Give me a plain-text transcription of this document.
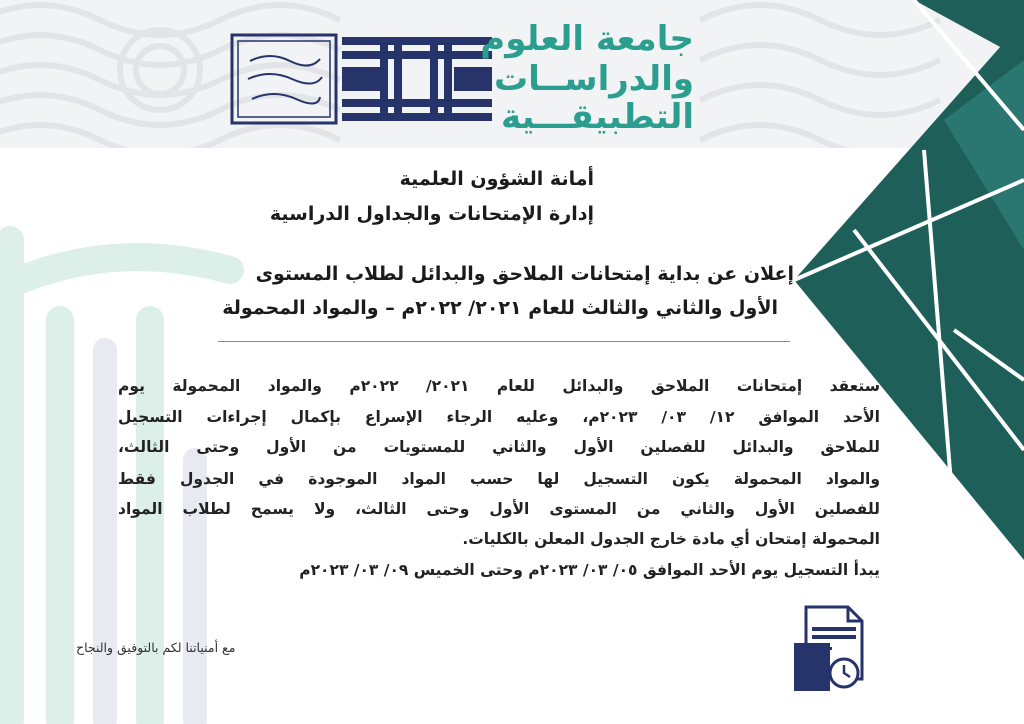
جامعة العلوم
والدراســات
التطبيقـــية
أمانة الشؤون العلمية
إدارة الإمتحانات والجداول الدراسية
إعلان عن بداية إمتحانات الملاحق والبدائل لطلاب المستوى
الأول والثاني والثالث للعام ٢٠٢١/ ٢٠٢٢م – والمواد المحمولة
ستعقد إمتحانات الملاحق والبدائل للعام ٢٠٢١/ ٢٠٢٢م والمواد المحمولة يوم
الأحد الموافق ١٢/ ٠٣/ ٢٠٢٣م، وعليه الرجاء الإسراع بإكمال إجراءات التسجيل
للملاحق والبدائل للفصلين الأول والثاني للمستويات من الأول وحتى الثالث،
والمواد المحمولة يكون التسجيل لها حسب المواد الموجودة في الجدول فقط
للفصلين الأول والثاني من المستوى الأول وحتى الثالث، ولا يسمح لطلاب المواد
المحمولة إمتحان أي مادة خارج الجدول المعلن بالكليات.
يبدأ التسجيل يوم الأحد الموافق ٠٥/ ٠٣/ ٢٠٢٣م وحتى الخميس ٠٩/ ٠٣/ ٢٠٢٣م
مع أمنياتنا لكم بالتوفيق والنجاح
